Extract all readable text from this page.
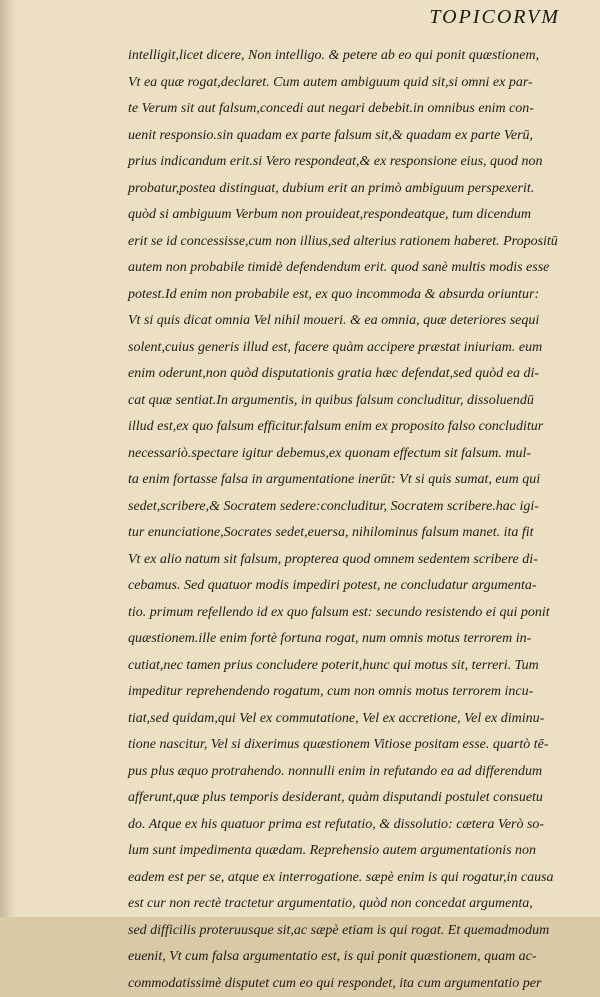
TOPICORVM
intelligit,licet dicere, Non intelligo. & petere ab eo qui ponit quæstionem,
Vt ea quæ rogat,declaret. Cum autem ambiguum quid sit,si omni ex par-
te Verum sit aut falsum,concedi aut negari debebit.in omnibus enim con-
uenit responsio.sin quadam ex parte falsum sit,& quadam ex parte Verū,
prius indicandum erit.si Vero respondeat,& ex responsione eius, quod non
probatur,postea distinguat, dubium erit an primò ambiguum perspexerit.
quòd si ambiguum Verbum non prouideat,respondeatque, tum dicendum
erit se id concessisse,cum non illius,sed alterius rationem haberet. Propositū
autem non probabile timidè defendendum erit. quod sanè multis modis esse
potest.Id enim non probabile est, ex quo incommoda & absurda oriuntur:
Vt si quis dicat omnia Vel nihil moueri. & ea omnia, quæ deteriores sequi
solent,cuius generis illud est, facere quàm accipere præstat iniuriam. eum
enim oderunt,non quòd disputationis gratia hæc defendat,sed quòd ea di-
cat quæ sentiat.In argumentis, in quibus falsum concluditur, dissoluendū
illud est,ex quo falsum efficitur.falsum enim ex proposito falso concluditur
necessariò.spectare igitur debemus,ex quonam effectum sit falsum. mul-
ta enim fortasse falsa in argumentatione inerūt: Vt si quis sumat, eum qui
sedet,scribere,& Socratem sedere:concluditur, Socratem scribere.hac igi-
tur enunciatione,Socrates sedet,euersa, nihilominus falsum manet. ita fit
Vt ex alio natum sit falsum, propterea quod omnem sedentem scribere di-
cebamus. Sed quatuor modis impediri potest, ne concludatur argumenta-
tio. primum refellendo id ex quo falsum est: secundo resistendo ei qui ponit
quæstionem.ille enim fortè fortuna rogat, num omnis motus terrorem in-
cutiat,nec tamen prius concludere poterit,hunc qui motus sit, terreri. Tum
impeditur reprehendendo rogatum, cum non omnis motus terrorem incu-
tiat,sed quidam,qui Vel ex commutatione, Vel ex accretione, Vel ex diminu-
tione nascitur, Vel si dixerimus quæstionem Vitiose positam esse. quartò tē-
pus plus æquo protrahendo. nonnulli enim in refutando ea ad differendum
afferunt,quæ plus temporis desiderant, quàm disputandi postulet consuetu
do. Atque ex his quatuor prima est refutatio, & dissolutio: cætera Verò so-
lum sunt impedimenta quædam. Reprehensio autem argumentationis non
eadem est per se, atque ex interrogatione. sæpè enim is qui rogatur,in causa
est cur non rectè tractetur argumentatio, quòd non concedat argumenta,
sed difficilis proteruusque sit,ac sæpè etiam is qui rogat. Et quemadmodum
euenit, Vt cum falsa argumentatio est, is qui ponit quæstionem, quam ac-
commodatissimè disputet cum eo qui respondet, ita cum argumentatio per
